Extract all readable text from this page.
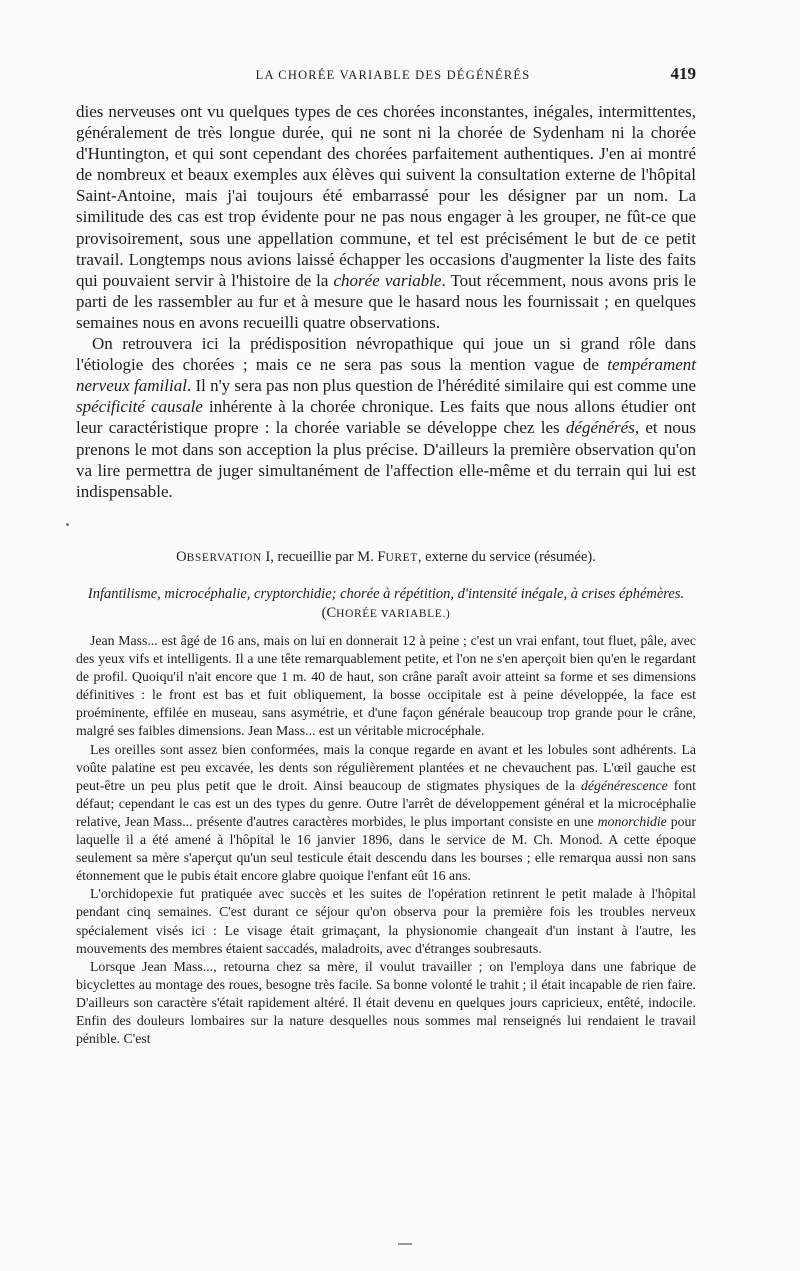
LA CHORÉE VARIABLE DES DÉGÉNÉRÉS	419

dies nerveuses ont vu quelques types de ces chorées inconstantes, inégales, intermittentes, généralement de très longue durée, qui ne sont ni la chorée de Sydenham ni la chorée d'Huntington, et qui sont cependant des chorées parfaitement authentiques. J'en ai montré de nombreux et beaux exemples aux élèves qui suivent la consultation externe de l'hôpital Saint-Antoine, mais j'ai toujours été embarrassé pour les désigner par un nom. La similitude des cas est trop évidente pour ne pas nous engager à les grouper, ne fût-ce que provisoirement, sous une appellation commune, et tel est précisément le but de ce petit travail. Longtemps nous avions laissé échapper les occasions d'augmenter la liste des faits qui pouvaient servir à l'histoire de la chorée variable. Tout récemment, nous avons pris le parti de les rassembler au fur et à mesure que le hasard nous les fournissait ; en quelques semaines nous en avons recueilli quatre observations.

On retrouvera ici la prédisposition névropathique qui joue un si grand rôle dans l'étiologie des chorées ; mais ce ne sera pas sous la mention vague de tempérament nerveux familial. Il n'y sera pas non plus question de l'hérédité similaire qui est comme une spécificité causale inhérente à la chorée chronique. Les faits que nous allons étudier ont leur caractéristique propre : la chorée variable se développe chez les dégénérés, et nous prenons le mot dans son acception la plus précise. D'ailleurs la première observation qu'on va lire permettra de juger simultanément de l'affection elle-même et du terrain qui lui est indispensable.

OBSERVATION I, recueillie par M. FURET, externe du service (résumée).
Infantilisme, microcéphalie, cryptorchidie; chorée à répétition, d'intensité inégale, à crises éphémères. (CHORÉE vARIABLE.)

Jean Mass... est âgé de 16 ans, mais on lui en donnerait 12 à peine ; c'est un vrai enfant, tout fluet, pâle, avec des yeux vifs et intelligents. Il a une tête remarquablement petite, et l'on ne s'en aperçoit bien qu'en le regardant de profil. Quoiqu'il n'ait encore que 1 m. 40 de haut, son crâne paraît avoir atteint sa forme et ses dimensions définitives : le front est bas et fuit obliquement, la bosse occipitale est à peine développée, la face est proéminente, effilée en museau, sans asymétrie, et d'une façon générale beaucoup trop grande pour le crâne, malgré ses faibles dimensions. Jean Mass... est un véritable microcéphale.

Les oreilles sont assez bien conformées, mais la conque regarde en avant et les lobules sont adhérents. La voûte palatine est peu excavée, les dents son régulièrement plantées et ne chevauchent pas. L'œil gauche est peut-être un peu plus petit que le droit. Ainsi beaucoup de stigmates physiques de la dégénérescence font défaut; cependant le cas est un des types du genre. Outre l'arrêt de développement général et la microcéphalie relative, Jean Mass... présente d'autres caractères morbides, le plus important consiste en une monorchidie pour laquelle il a été amené à l'hôpital le 16 janvier 1896, dans le service de M. Ch. Monod. A cette époque seulement sa mère s'aperçut qu'un seul testicule était descendu dans les bourses ; elle remarqua aussi non sans étonnement que le pubis était encore glabre quoique l'enfant eût 16 ans.

L'orchidopexie fut pratiquée avec succès et les suites de l'opération retinrent le petit malade à l'hôpital pendant cinq semaines. C'est durant ce séjour qu'on observa pour la première fois les troubles nerveux spécialement visés ici : Le visage était grimaçant, la physionomie changeait d'un instant à l'autre, les mouvements des membres étaient saccadés, maladroits, avec d'étranges soubresauts.

Lorsque Jean Mass..., retourna chez sa mère, il voulut travailler ; on l'employa dans une fabrique de bicyclettes au montage des roues, besogne très facile. Sa bonne volonté le trahit ; il était incapable de rien faire. D'ailleurs son caractère s'était rapidement altéré. Il était devenu en quelques jours capricieux, entêté, indocile. Enfin des douleurs lombaires sur la nature desquelles nous sommes mal renseignés lui rendaient le travail pénible. C'est
